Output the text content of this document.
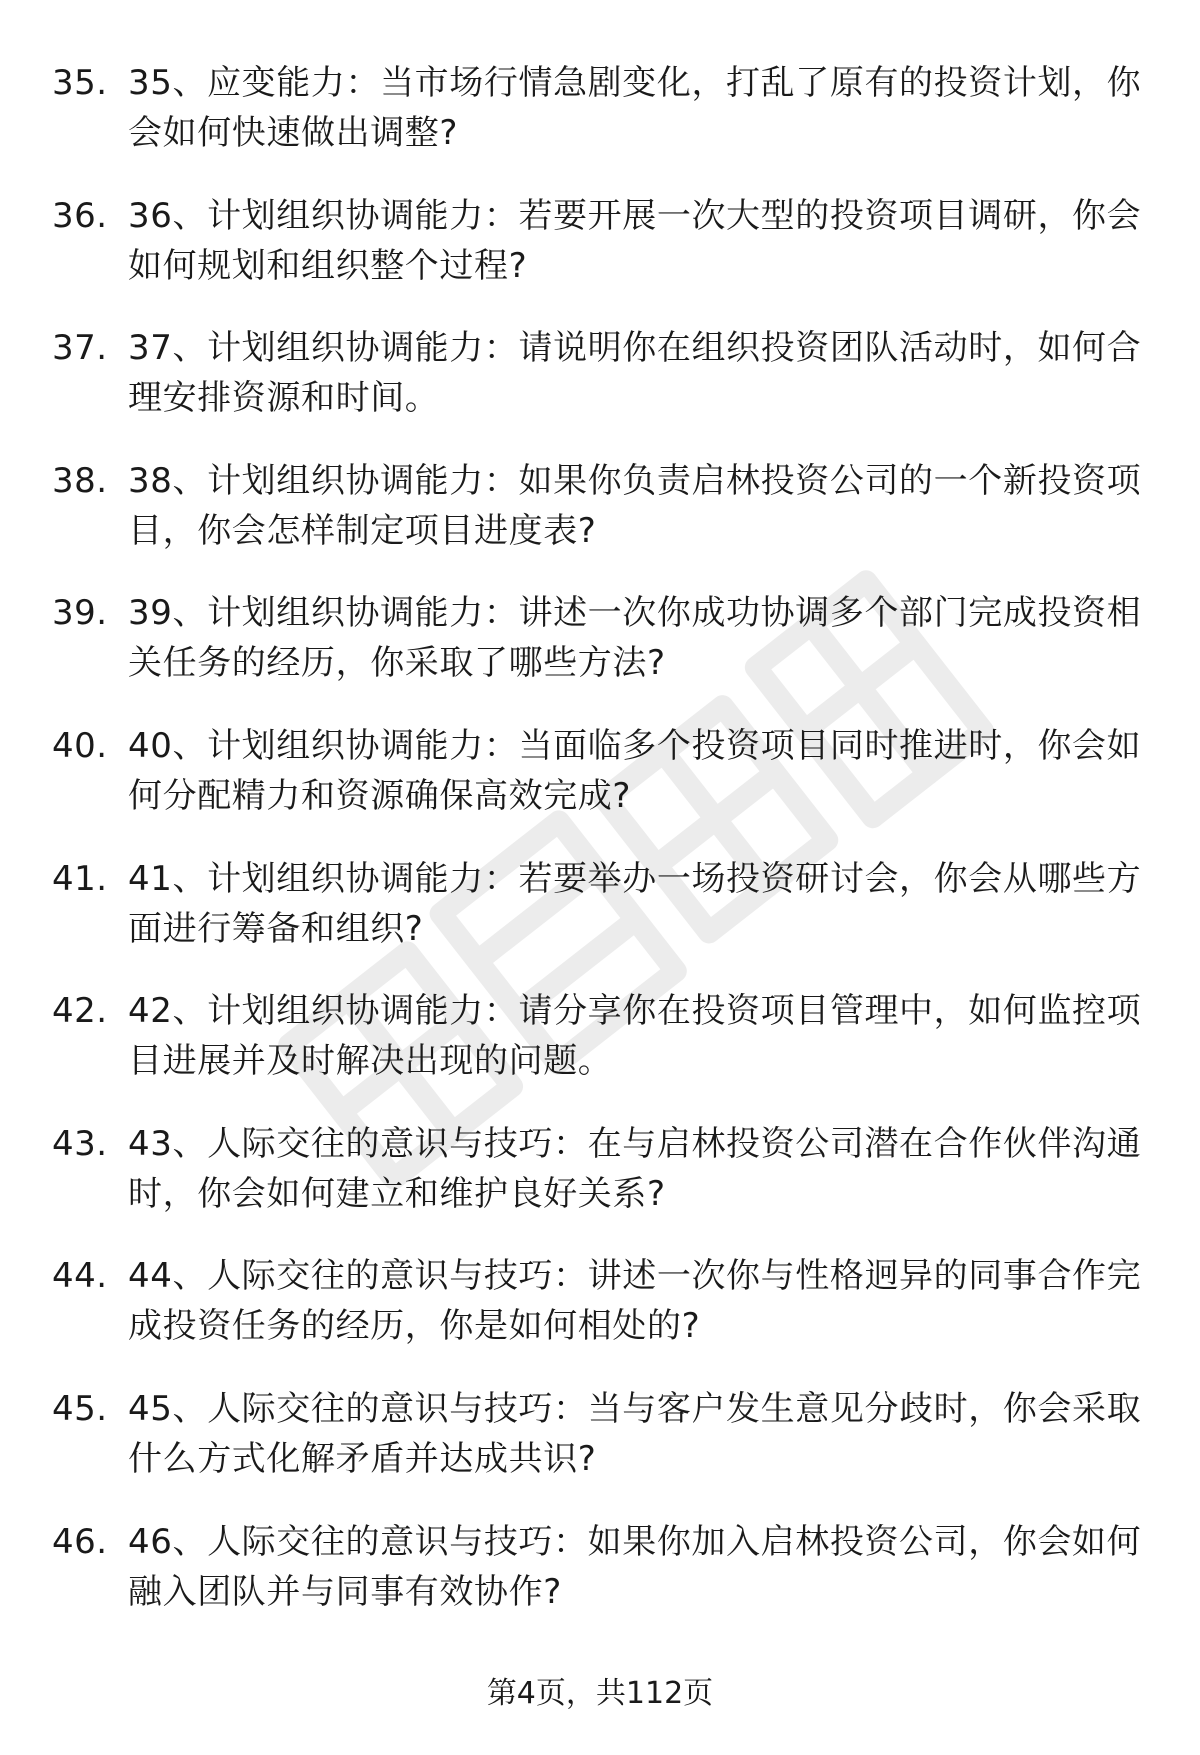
35. 35、应变能力：当市场行情急剧变化，打乱了原有的投资计划，你会如何快速做出调整?
36. 36、计划组织协调能力：若要开展一次大型的投资项目调研，你会如何规划和组织整个过程?
37. 37、计划组织协调能力：请说明你在组织投资团队活动时，如何合理安排资源和时间。
38. 38、计划组织协调能力：如果你负责启林投资公司的一个新投资项目，你会怎样制定项目进度表?
39. 39、计划组织协调能力：讲述一次你成功协调多个部门完成投资相关任务的经历，你采取了哪些方法?
40. 40、计划组织协调能力：当面临多个投资项目同时推进时，你会如何分配精力和资源确保高效完成?
41. 41、计划组织协调能力：若要举办一场投资研讨会，你会从哪些方面进行筹备和组织?
42. 42、计划组织协调能力：请分享你在投资项目管理中，如何监控项目进展并及时解决出现的问题。
43. 43、人际交往的意识与技巧：在与启林投资公司潜在合作伙伴沟通时，你会如何建立和维护良好关系?
44. 44、人际交往的意识与技巧：讲述一次你与性格迥异的同事合作完成投资任务的经历，你是如何相处的?
45. 45、人际交往的意识与技巧：当与客户发生意见分歧时，你会采取什么方式化解矛盾并达成共识?
46. 46、人际交往的意识与技巧：如果你加入启林投资公司，你会如何融入团队并与同事有效协作?
第4页，共112页
